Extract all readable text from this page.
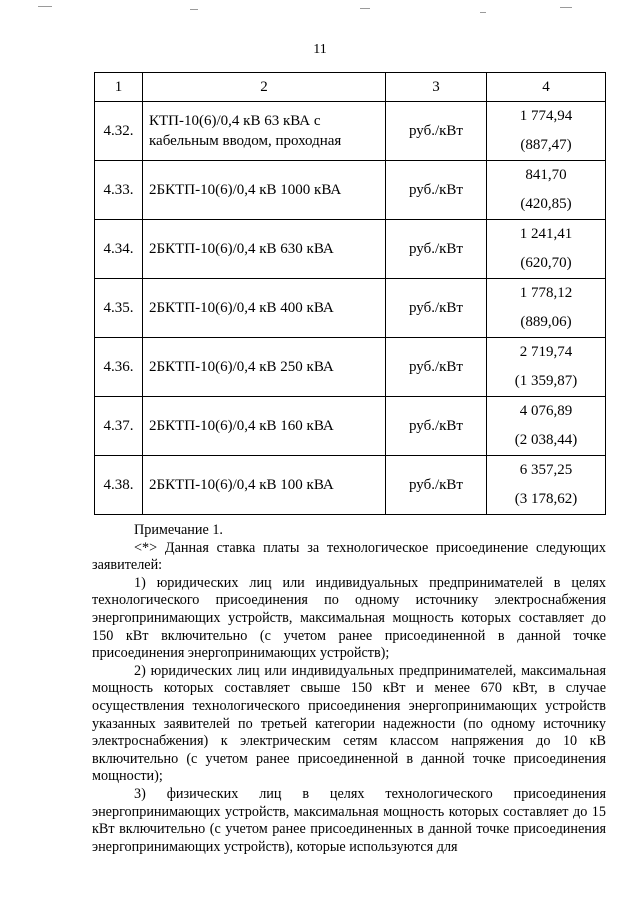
11
1	2	3	4
4.32.	КТП-10(6)/0,4 кВ 63 кВА с кабельным вводом, проходная	руб./кВт	1 774,94
(887,47)

4.33.	2БКТП-10(6)/0,4 кВ 1000 кВА	руб./кВт	841,70
(420,85)

4.34.	2БКТП-10(6)/0,4 кВ 630 кВА	руб./кВт	1 241,41
(620,70)

4.35.	2БКТП-10(6)/0,4 кВ 400 кВА	руб./кВт	1 778,12
(889,06)

4.36.	2БКТП-10(6)/0,4 кВ 250 кВА	руб./кВт	2 719,74
(1 359,87)

4.37.	2БКТП-10(6)/0,4 кВ 160 кВА	руб./кВт	4 076,89
(2 038,44)

4.38.	2БКТП-10(6)/0,4 кВ 100 кВА	руб./кВт	6 357,25
(3 178,62)

Примечание 1.

<*> Данная ставка платы за технологическое присоединение следующих заявителей:

1) юридических лиц или индивидуальных предпринимателей в целях технологического присоединения по одному источнику электроснабжения энергопринимающих устройств, максимальная мощность которых составляет до 150 кВт включительно (с учетом ранее присоединенной в данной точке присоединения энергопринимающих устройств);

2) юридических лиц или индивидуальных предпринимателей, максимальная мощность которых составляет свыше 150 кВт и менее 670 кВт, в случае осуществления технологического присоединения энергопринимающих устройств указанных заявителей по третьей категории надежности (по одному источнику электроснабжения) к электрическим сетям классом напряжения до 10 кВ включительно (с учетом ранее присоединенной в данной точке присоединения мощности);

3) физических лиц в целях технологического присоединения энергопринимающих устройств, максимальная мощность которых составляет до 15 кВт включительно (с учетом ранее присоединенных в данной точке присоединения энергопринимающих устройств), которые используются для
